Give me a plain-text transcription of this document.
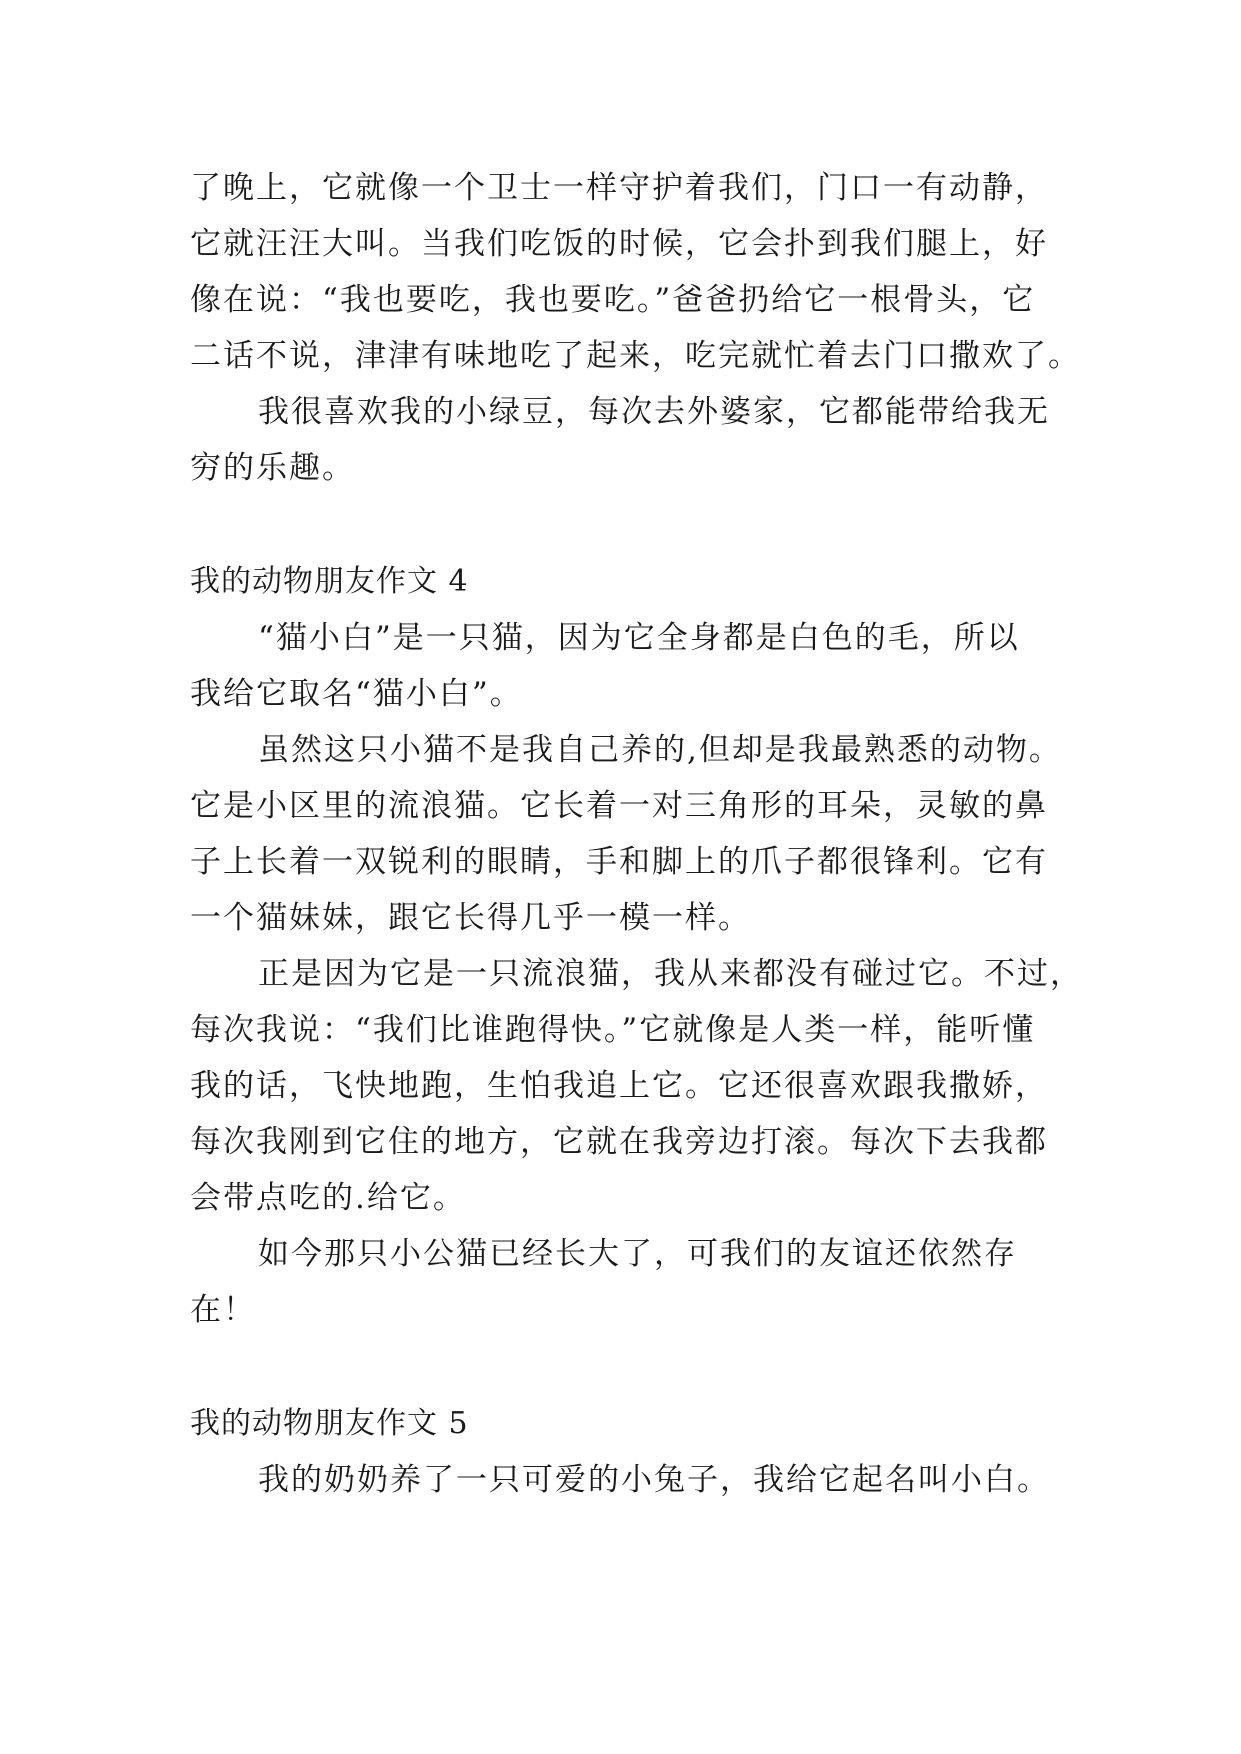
了晚上，它就像一个卫士一样守护着我们，门口一有动静，
它就汪汪大叫。当我们吃饭的时候，它会扑到我们腿上，好
像在说：“我也要吃，我也要吃。”爸爸扔给它一根骨头，它
二话不说，津津有味地吃了起来，吃完就忙着去门口撒欢了。
我很喜欢我的小绿豆，每次去外婆家，它都能带给我无
穷的乐趣。
我的动物朋友作文 4
“猫小白”是一只猫，因为它全身都是白色的毛，所以
我给它取名“猫小白”。
虽然这只小猫不是我自己养的,但却是我最熟悉的动物。
它是小区里的流浪猫。它长着一对三角形的耳朵，灵敏的鼻
子上长着一双锐利的眼睛，手和脚上的爪子都很锋利。它有
一个猫妹妹，跟它长得几乎一模一样。
正是因为它是一只流浪猫，我从来都没有碰过它。不过，
每次我说：“我们比谁跑得快。”它就像是人类一样，能听懂
我的话，飞快地跑，生怕我追上它。它还很喜欢跟我撒娇，
每次我刚到它住的地方，它就在我旁边打滚。每次下去我都
会带点吃的.给它。
如今那只小公猫已经长大了，可我们的友谊还依然存
在！
我的动物朋友作文 5
我的奶奶养了一只可爱的小兔子，我给它起名叫小白。
